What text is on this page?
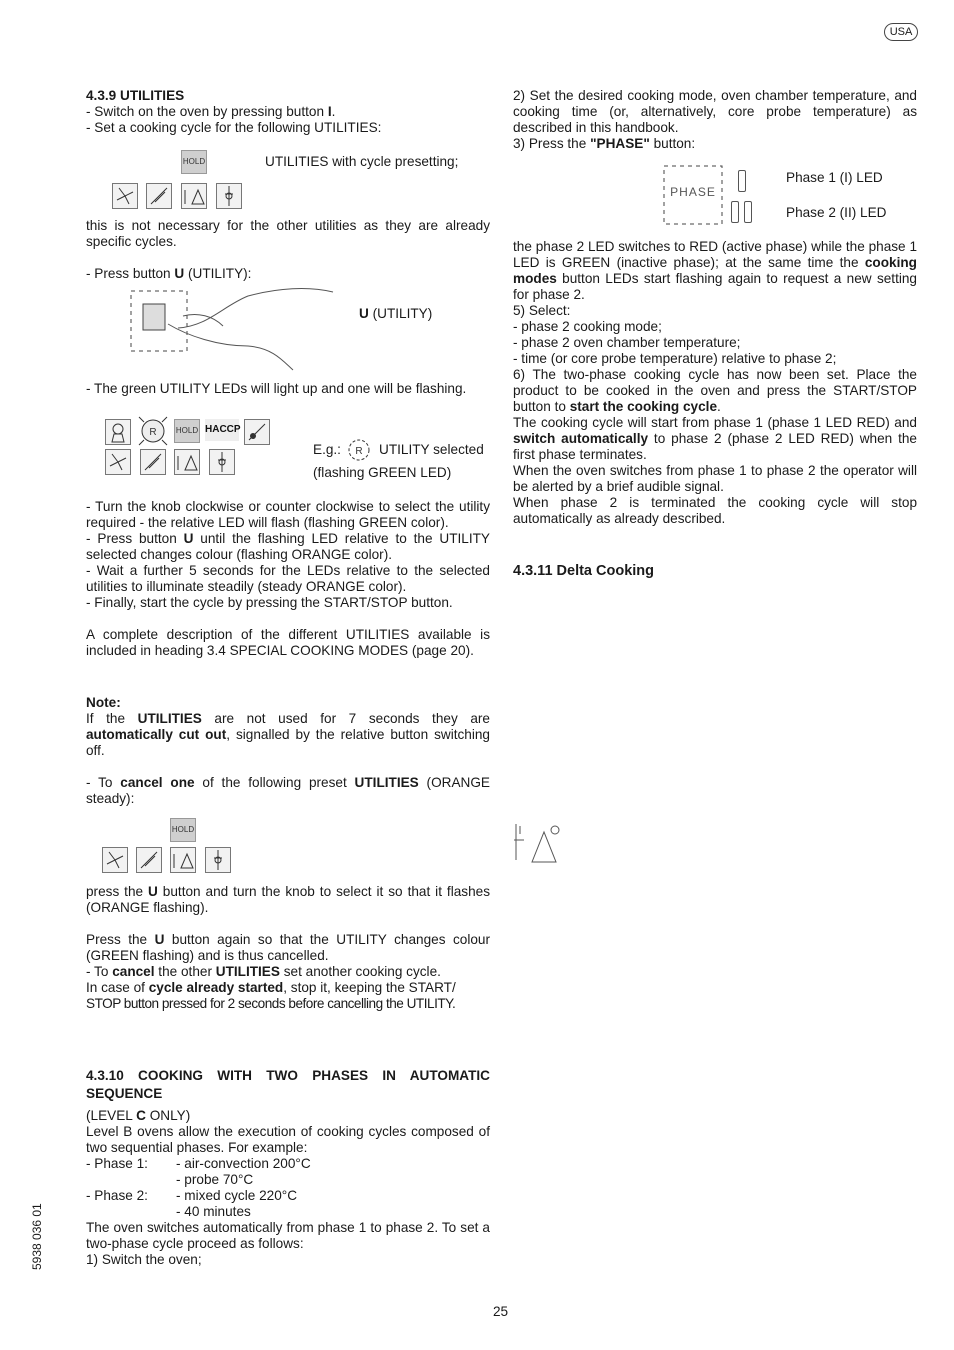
USA
5938 036 01
25
4.3.9 UTILITIES
- Switch on the oven by pressing button I.
- Set a cooking cycle for the following UTILITIES:
HOLD	UTILITIES with cycle presetting;
this is not necessary for the other utilities as they are already specific cycles.
- Press button U (UTILITY):
U (UTILITY)
- The green UTILITY LEDs will light up and one will be flashing.
R HOLD HACCP
E.g.: R UTILITY selected
(flashing GREEN LED)
- Turn the knob clockwise or counter clockwise to select the utility required - the relative LED will flash (flashing GREEN color).
- Press button U until the flashing LED relative to the UTILITY selected changes colour (flashing ORANGE color).
- Wait a further 5 seconds for the LEDs relative to the selected utilities to illuminate steadily (steady ORANGE color).
- Finally, start the cycle by pressing the START/STOP button.
A complete description of the different UTILITIES available is included in heading 3.4 SPECIAL COOKING MODES (page 20).
Note:
If the UTILITIES are not used for 7 seconds they are automatically cut out, signalled by the relative button switching off.
- To cancel one of the following preset UTILITIES (ORANGE steady):
HOLD
press the U button and turn the knob to select it so that it flashes (ORANGE flashing).
Press the U button again so that the UTILITY changes colour (GREEN flashing) and is thus cancelled.
- To cancel the other UTILITIES set another cooking cycle.
In case of cycle already started, stop it, keeping the START/
STOP button pressed for 2 seconds before cancelling the UTILITY.
4.3.10 COOKING WITH TWO PHASES IN AUTOMATIC SEQUENCE
(LEVEL C ONLY)
Level B ovens allow the execution of cooking cycles composed of two sequential phases. For example:
- Phase 1: - air-convection 200°C
- probe 70°C
- Phase 2: - mixed cycle 220°C
- 40 minutes
The oven switches automatically from phase 1 to phase 2. To set a two-phase cycle proceed as follows:
1) Switch the oven;
2) Set the desired cooking mode, oven chamber temperature, and cooking time (or, alternatively, core probe temperature) as described in this handbook.
3) Press the "PHASE" button:
PHASE
Phase 1 (I) LED
Phase 2 (II) LED
the phase 2 LED switches to RED (active phase) while the phase 1 LED is GREEN (inactive phase); at the same time the cooking modes button LEDs start flashing again to request a new setting for phase 2.
5) Select:
- phase 2 cooking mode;
- phase 2 oven chamber temperature;
- time (or core probe temperature) relative to phase 2;
6) The two-phase cooking cycle has now been set. Place the product to be cooked in the oven and press the START/STOP button to start the cooking cycle.
The cooking cycle will start from phase 1 (phase 1 LED RED) and switch automatically to phase 2 (phase 2 LED RED) when the first phase terminates.
When the oven switches from phase 1 to phase 2 the operator will be alerted by a brief audible signal.
When phase 2 is terminated the cooking cycle will stop automatically as already described.
4.3.11 Delta Cooking
